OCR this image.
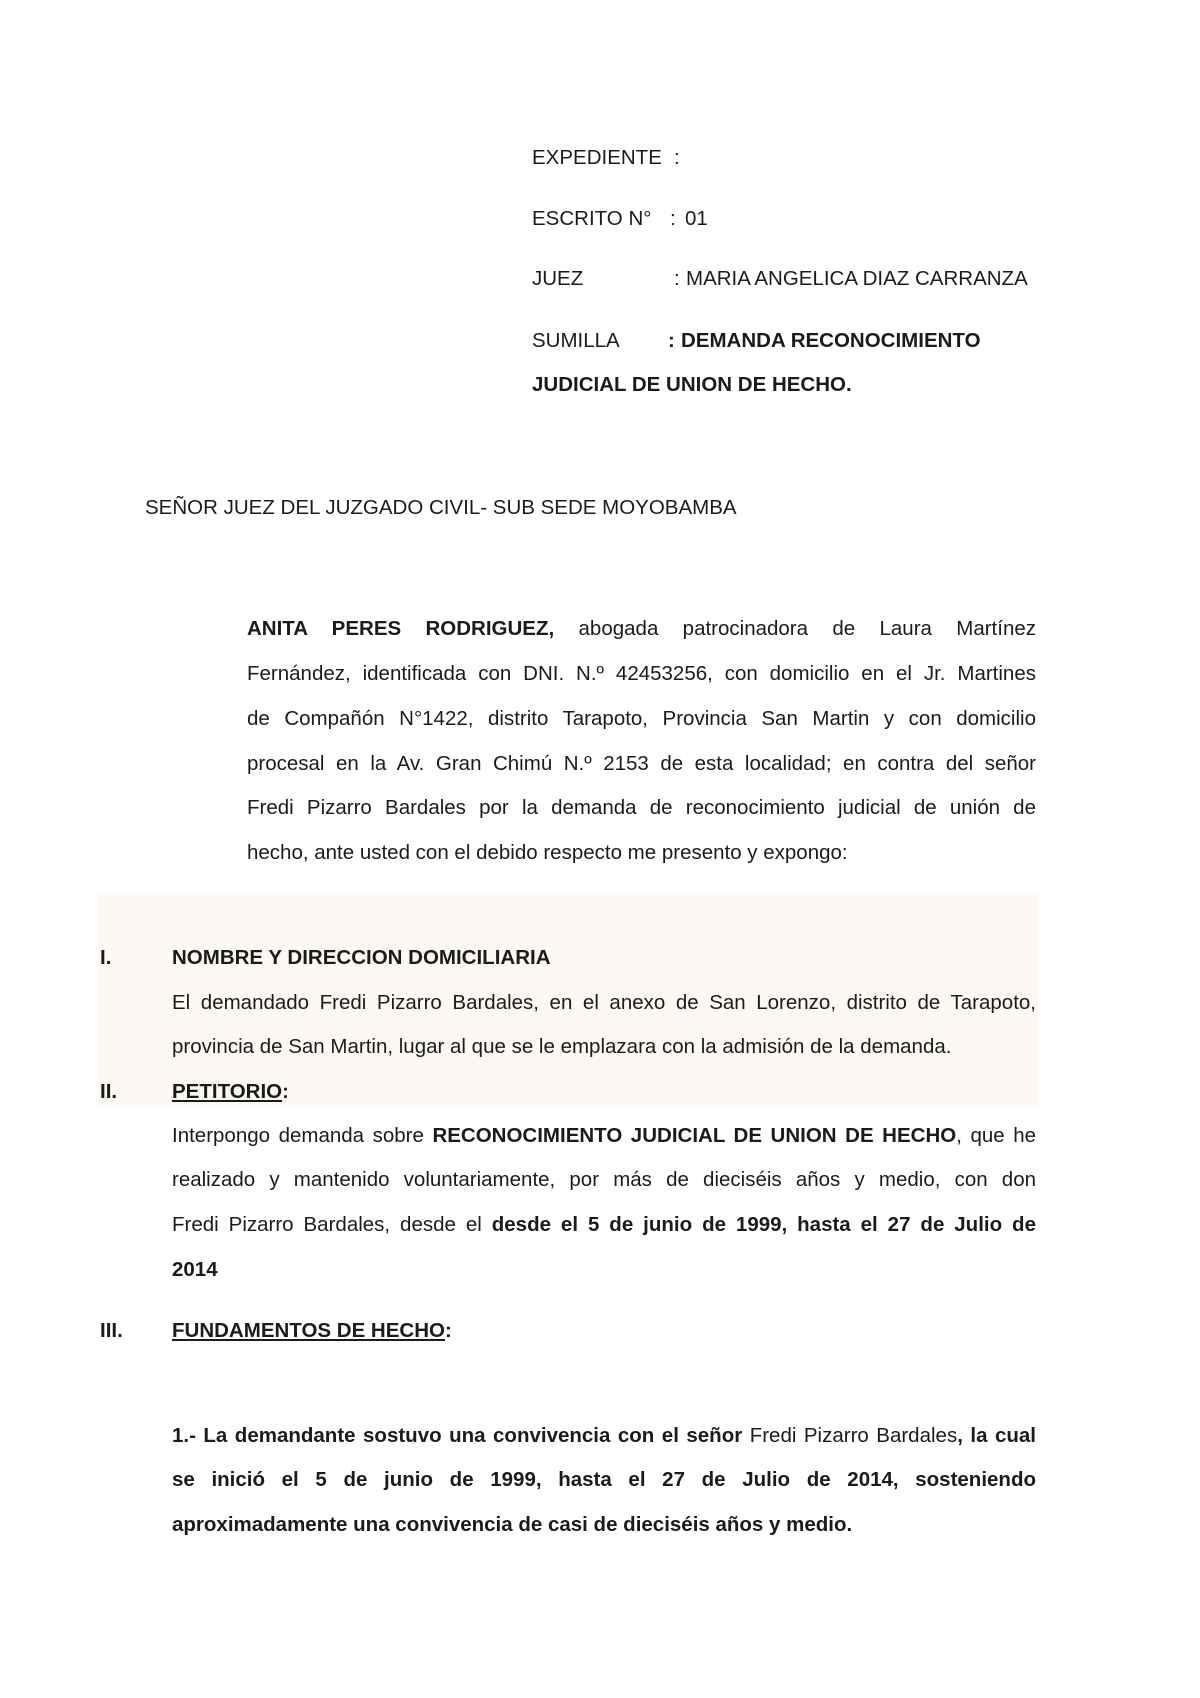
EXPEDIENTE :
ESCRITO N° : 01
JUEZ	: MARIA ANGELICA DIAZ CARRANZA
SUMILLA : DEMANDA RECONOCIMIENTO
JUDICIAL DE UNION DE HECHO.
SEÑOR JUEZ DEL JUZGADO CIVIL- SUB SEDE MOYOBAMBA
ANITA PERES RODRIGUEZ, abogada patrocinadora de Laura Martínez
Fernández, identificada con DNI. N.º 42453256, con domicilio en el Jr. Martines
de Compañón N°1422, distrito Tarapoto, Provincia San Martin y con domicilio
procesal en la Av. Gran Chimú N.º 2153 de esta localidad; en contra del señor
Fredi Pizarro Bardales por la demanda de reconocimiento judicial de unión de
hecho, ante usted con el debido respecto me presento y expongo:
I.	NOMBRE Y DIRECCION DOMICILIARIA
El demandado Fredi Pizarro Bardales, en el anexo de San Lorenzo, distrito de Tarapoto,
provincia de San Martin, lugar al que se le emplazara con la admisión de la demanda.
II.	PETITORIO:
Interpongo demanda sobre RECONOCIMIENTO JUDICIAL DE UNION DE HECHO, que he
realizado y mantenido voluntariamente, por más de dieciséis años y medio, con don
Fredi Pizarro Bardales, desde el desde el 5 de junio de 1999, hasta el 27 de Julio de
2014
III. FUNDAMENTOS DE HECHO:
1.- La demandante sostuvo una convivencia con el señor Fredi Pizarro Bardales, la cual
se inició el 5 de junio de 1999, hasta el 27 de Julio de 2014, sosteniendo
aproximadamente una convivencia de casi de dieciséis años y medio.
